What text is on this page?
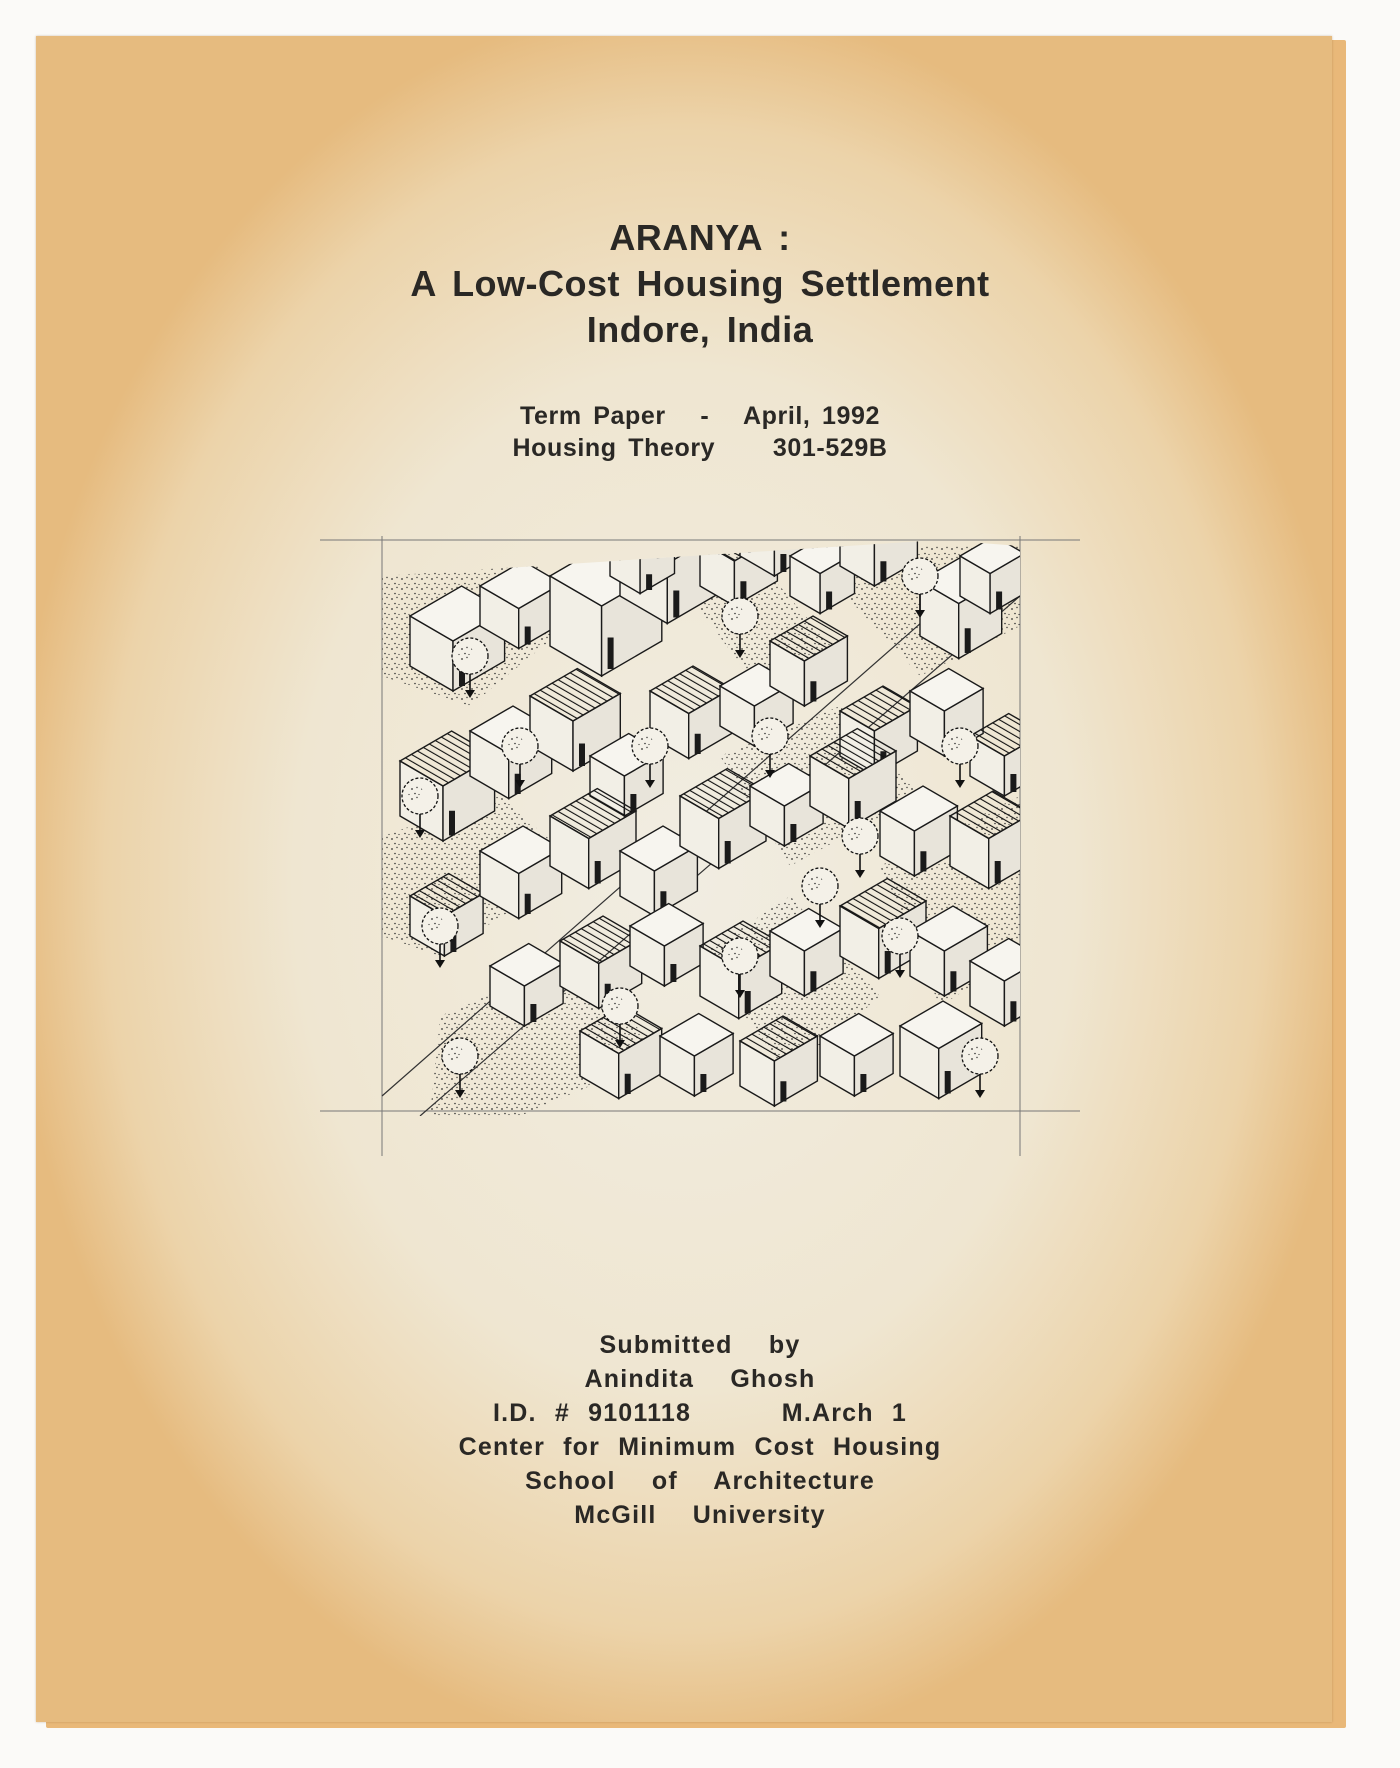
ARANYA :

A Low-Cost Housing Settlement

Indore, India

Term Paper   -   April, 1992

Housing Theory     301-529B

Submitted  by

Anindita  Ghosh

I.D. # 9101118     M.Arch 1

Center for Minimum Cost Housing

School  of  Architecture

McGill  University
